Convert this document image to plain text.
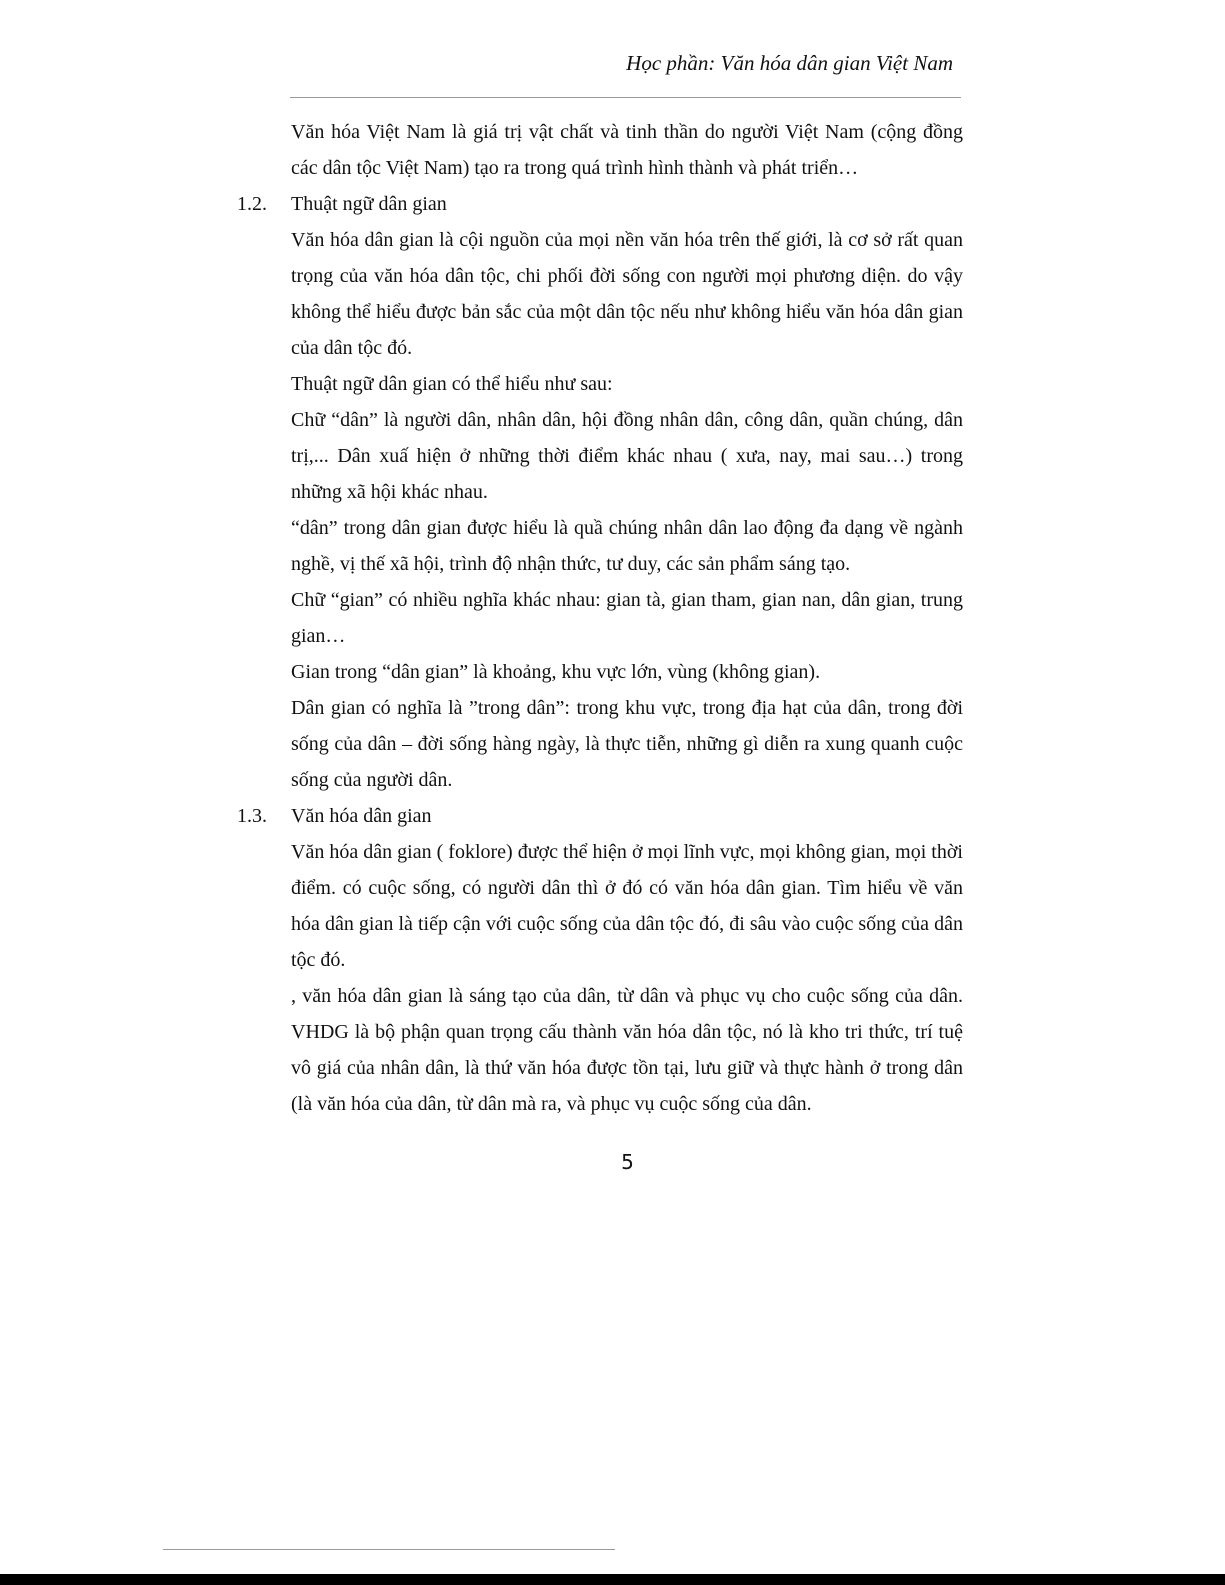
Học phần: Văn hóa dân gian Việt Nam

Văn hóa Việt Nam là giá trị vật chất và tinh thần do người Việt Nam (cộng đồng các dân tộc Việt Nam) tạo ra trong quá trình hình thành và phát triển…

1.2. Thuật ngữ dân gian

Văn hóa dân gian là cội nguồn của mọi nền văn hóa trên thế giới, là cơ sở rất quan trọng của văn hóa dân tộc, chi phối đời sống con người mọi phương diện. do vậy không thể hiểu được bản sắc của một dân tộc nếu như không hiểu văn hóa dân gian của dân tộc đó.

Thuật ngữ dân gian có thể hiểu như sau:

Chữ “dân” là người dân, nhân dân, hội đồng nhân dân, công dân, quần chúng, dân trị,... Dân xuấ hiện ở những thời điểm khác nhau ( xưa, nay, mai sau…) trong những xã hội khác nhau.

“dân” trong dân gian được hiểu là quầ chúng nhân dân lao động đa dạng về ngành nghề, vị thế xã hội, trình độ nhận thức, tư duy, các sản phẩm sáng tạo.

Chữ “gian” có nhiều nghĩa khác nhau: gian tà, gian tham, gian nan, dân gian, trung gian…

Gian trong “dân gian” là khoảng, khu vực lớn, vùng (không gian).

Dân gian có nghĩa là ”trong dân”: trong khu vực, trong địa hạt của dân, trong đời sống của dân – đời sống hàng ngày, là thực tiễn, những gì diễn ra xung quanh cuộc sống của người dân.

1.3. Văn hóa dân gian

Văn hóa dân gian ( foklore) được thể hiện ở mọi lĩnh vực, mọi không gian, mọi thời điểm. có cuộc sống, có người dân thì ở đó có văn hóa dân gian. Tìm hiểu về văn hóa dân gian là tiếp cận với cuộc sống của dân tộc đó, đi sâu vào cuộc sống của dân tộc đó.

, văn hóa dân gian là sáng tạo của dân, từ dân và phục vụ cho cuộc sống của dân. VHDG là bộ phận quan trọng cấu thành văn hóa dân tộc, nó là kho tri thức, trí tuệ vô giá của nhân dân, là thứ văn hóa được tồn tại, lưu giữ và thực hành ở trong dân (là văn hóa của dân, từ dân mà ra, và phục vụ cuộc sống của dân.

5
